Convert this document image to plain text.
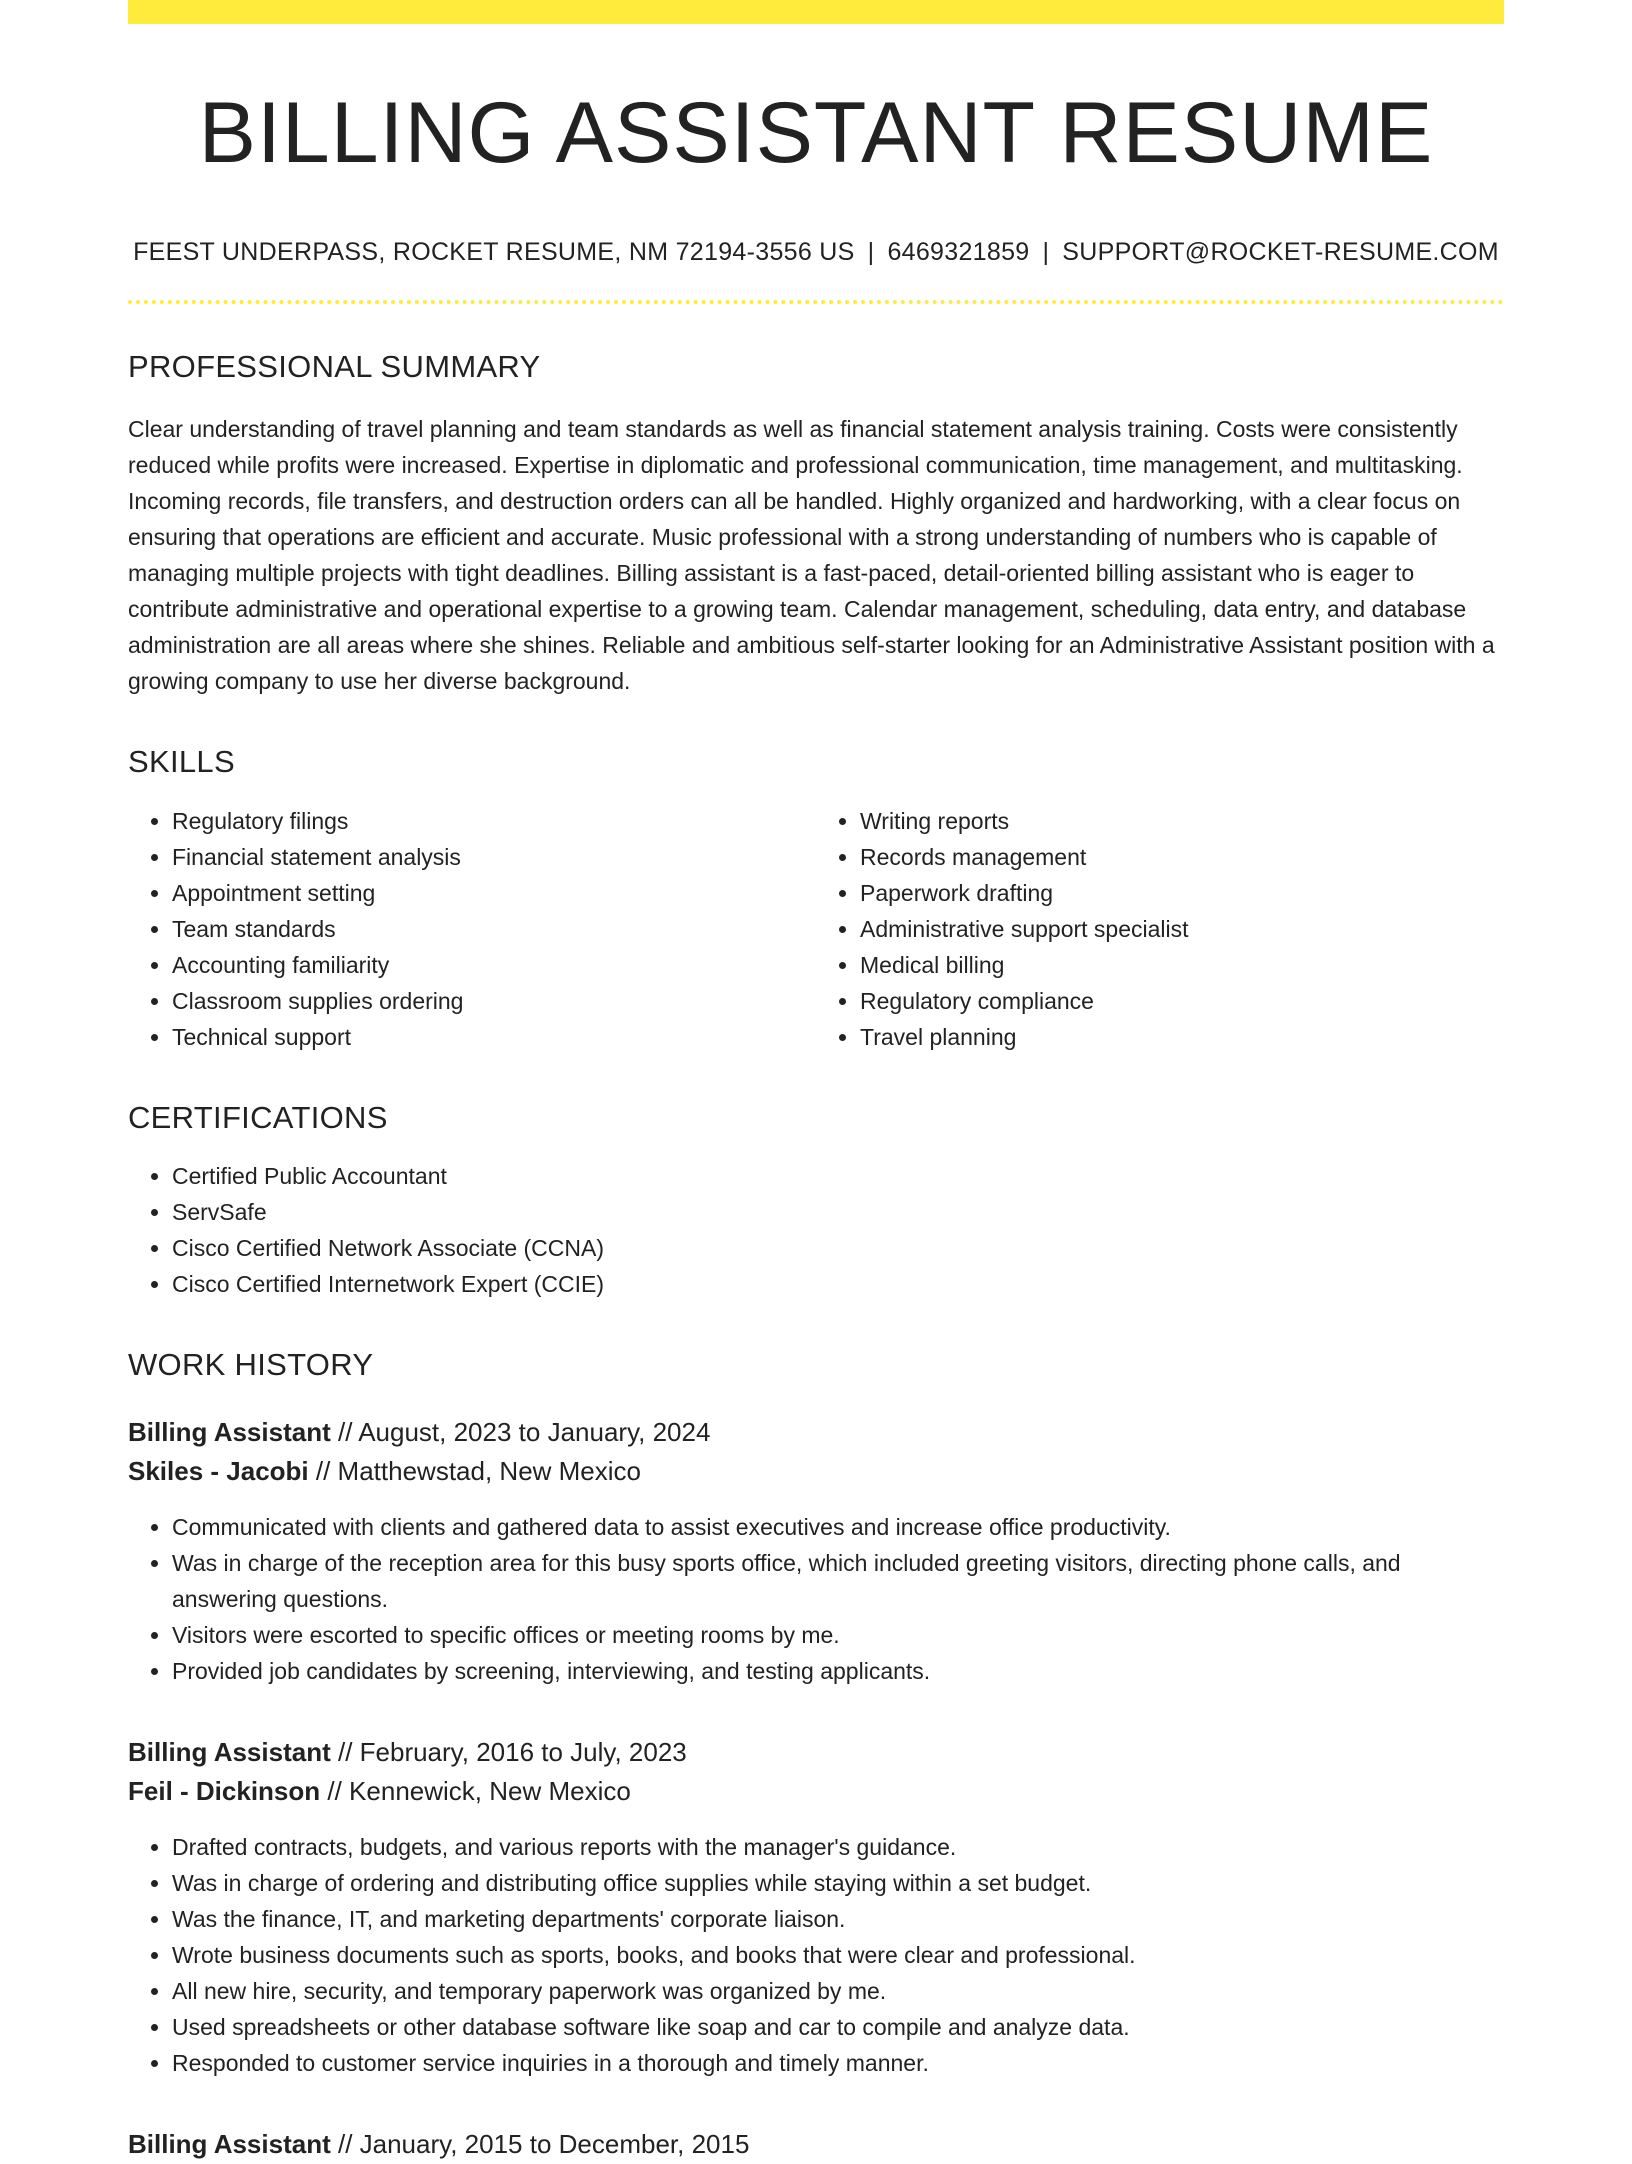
BILLING ASSISTANT RESUME
FEEST UNDERPASS, ROCKET RESUME, NM 72194-3556 US | 6469321859 | SUPPORT@ROCKET-RESUME.COM
PROFESSIONAL SUMMARY

Clear understanding of travel planning and team standards as well as financial statement analysis training. Costs were consistently reduced while profits were increased. Expertise in diplomatic and professional communication, time management, and multitasking. Incoming records, file transfers, and destruction orders can all be handled. Highly organized and hardworking, with a clear focus on ensuring that operations are efficient and accurate. Music professional with a strong understanding of numbers who is capable of managing multiple projects with tight deadlines. Billing assistant is a fast-paced, detail-oriented billing assistant who is eager to contribute administrative and operational expertise to a growing team. Calendar management, scheduling, data entry, and database administration are all areas where she shines. Reliable and ambitious self-starter looking for an Administrative Assistant position with a growing company to use her diverse background.

SKILLS
• Regulatory filings
• Financial statement analysis
• Appointment setting
• Team standards
• Accounting familiarity
• Classroom supplies ordering
• Technical support
• Writing reports
• Records management
• Paperwork drafting
• Administrative support specialist
• Medical billing
• Regulatory compliance
• Travel planning
CERTIFICATIONS
• Certified Public Accountant
• ServSafe
• Cisco Certified Network Associate (CCNA)
• Cisco Certified Internetwork Expert (CCIE)
WORK HISTORY
Billing Assistant // August, 2023 to January, 2024
Skiles - Jacobi // Matthewstad, New Mexico
• Communicated with clients and gathered data to assist executives and increase office productivity.
• Was in charge of the reception area for this busy sports office, which included greeting visitors, directing phone calls, and answering questions.
• Visitors were escorted to specific offices or meeting rooms by me.
• Provided job candidates by screening, interviewing, and testing applicants.
Billing Assistant // February, 2016 to July, 2023
Feil - Dickinson // Kennewick, New Mexico
• Drafted contracts, budgets, and various reports with the manager's guidance.
• Was in charge of ordering and distributing office supplies while staying within a set budget.
• Was the finance, IT, and marketing departments' corporate liaison.
• Wrote business documents such as sports, books, and books that were clear and professional.
• All new hire, security, and temporary paperwork was organized by me.
• Used spreadsheets or other database software like soap and car to compile and analyze data.
• Responded to customer service inquiries in a thorough and timely manner.
Billing Assistant // January, 2015 to December, 2015
